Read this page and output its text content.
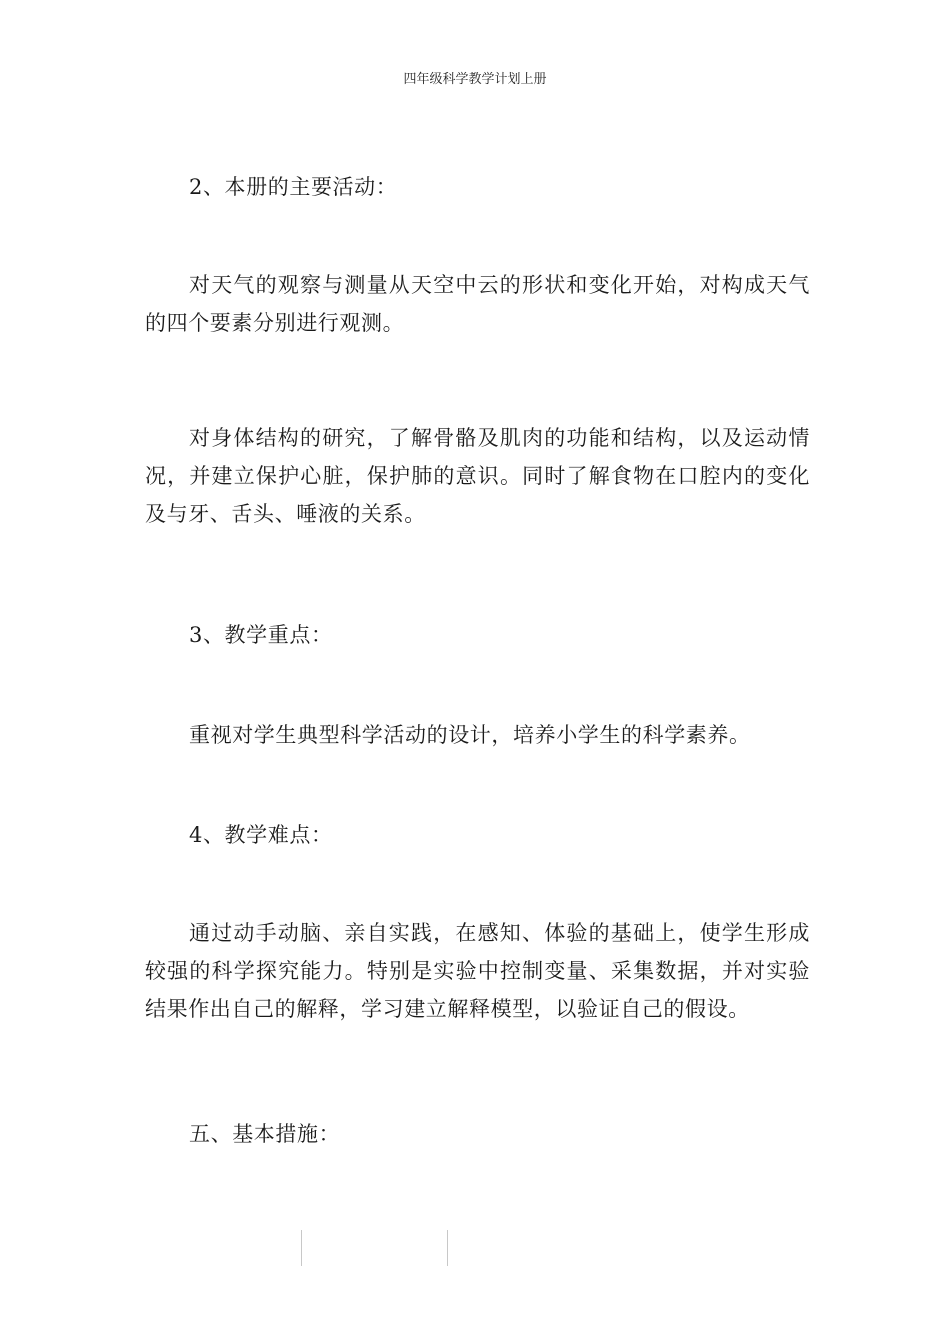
四年级科学教学计划上册

2、本册的主要活动：

对天气的观察与测量从天空中云的形状和变化开始，对构成天气的四个要素分别进行观测。

对身体结构的研究，了解骨骼及肌肉的功能和结构，以及运动情况，并建立保护心脏，保护肺的意识。同时了解食物在口腔内的变化及与牙、舌头、唾液的关系。

3、教学重点：

重视对学生典型科学活动的设计，培养小学生的科学素养。

4、教学难点：

通过动手动脑、亲自实践，在感知、体验的基础上，使学生形成较强的科学探究能力。特别是实验中控制变量、采集数据，并对实验结果作出自己的解释，学习建立解释模型，以验证自己的假设。

五、基本措施：
